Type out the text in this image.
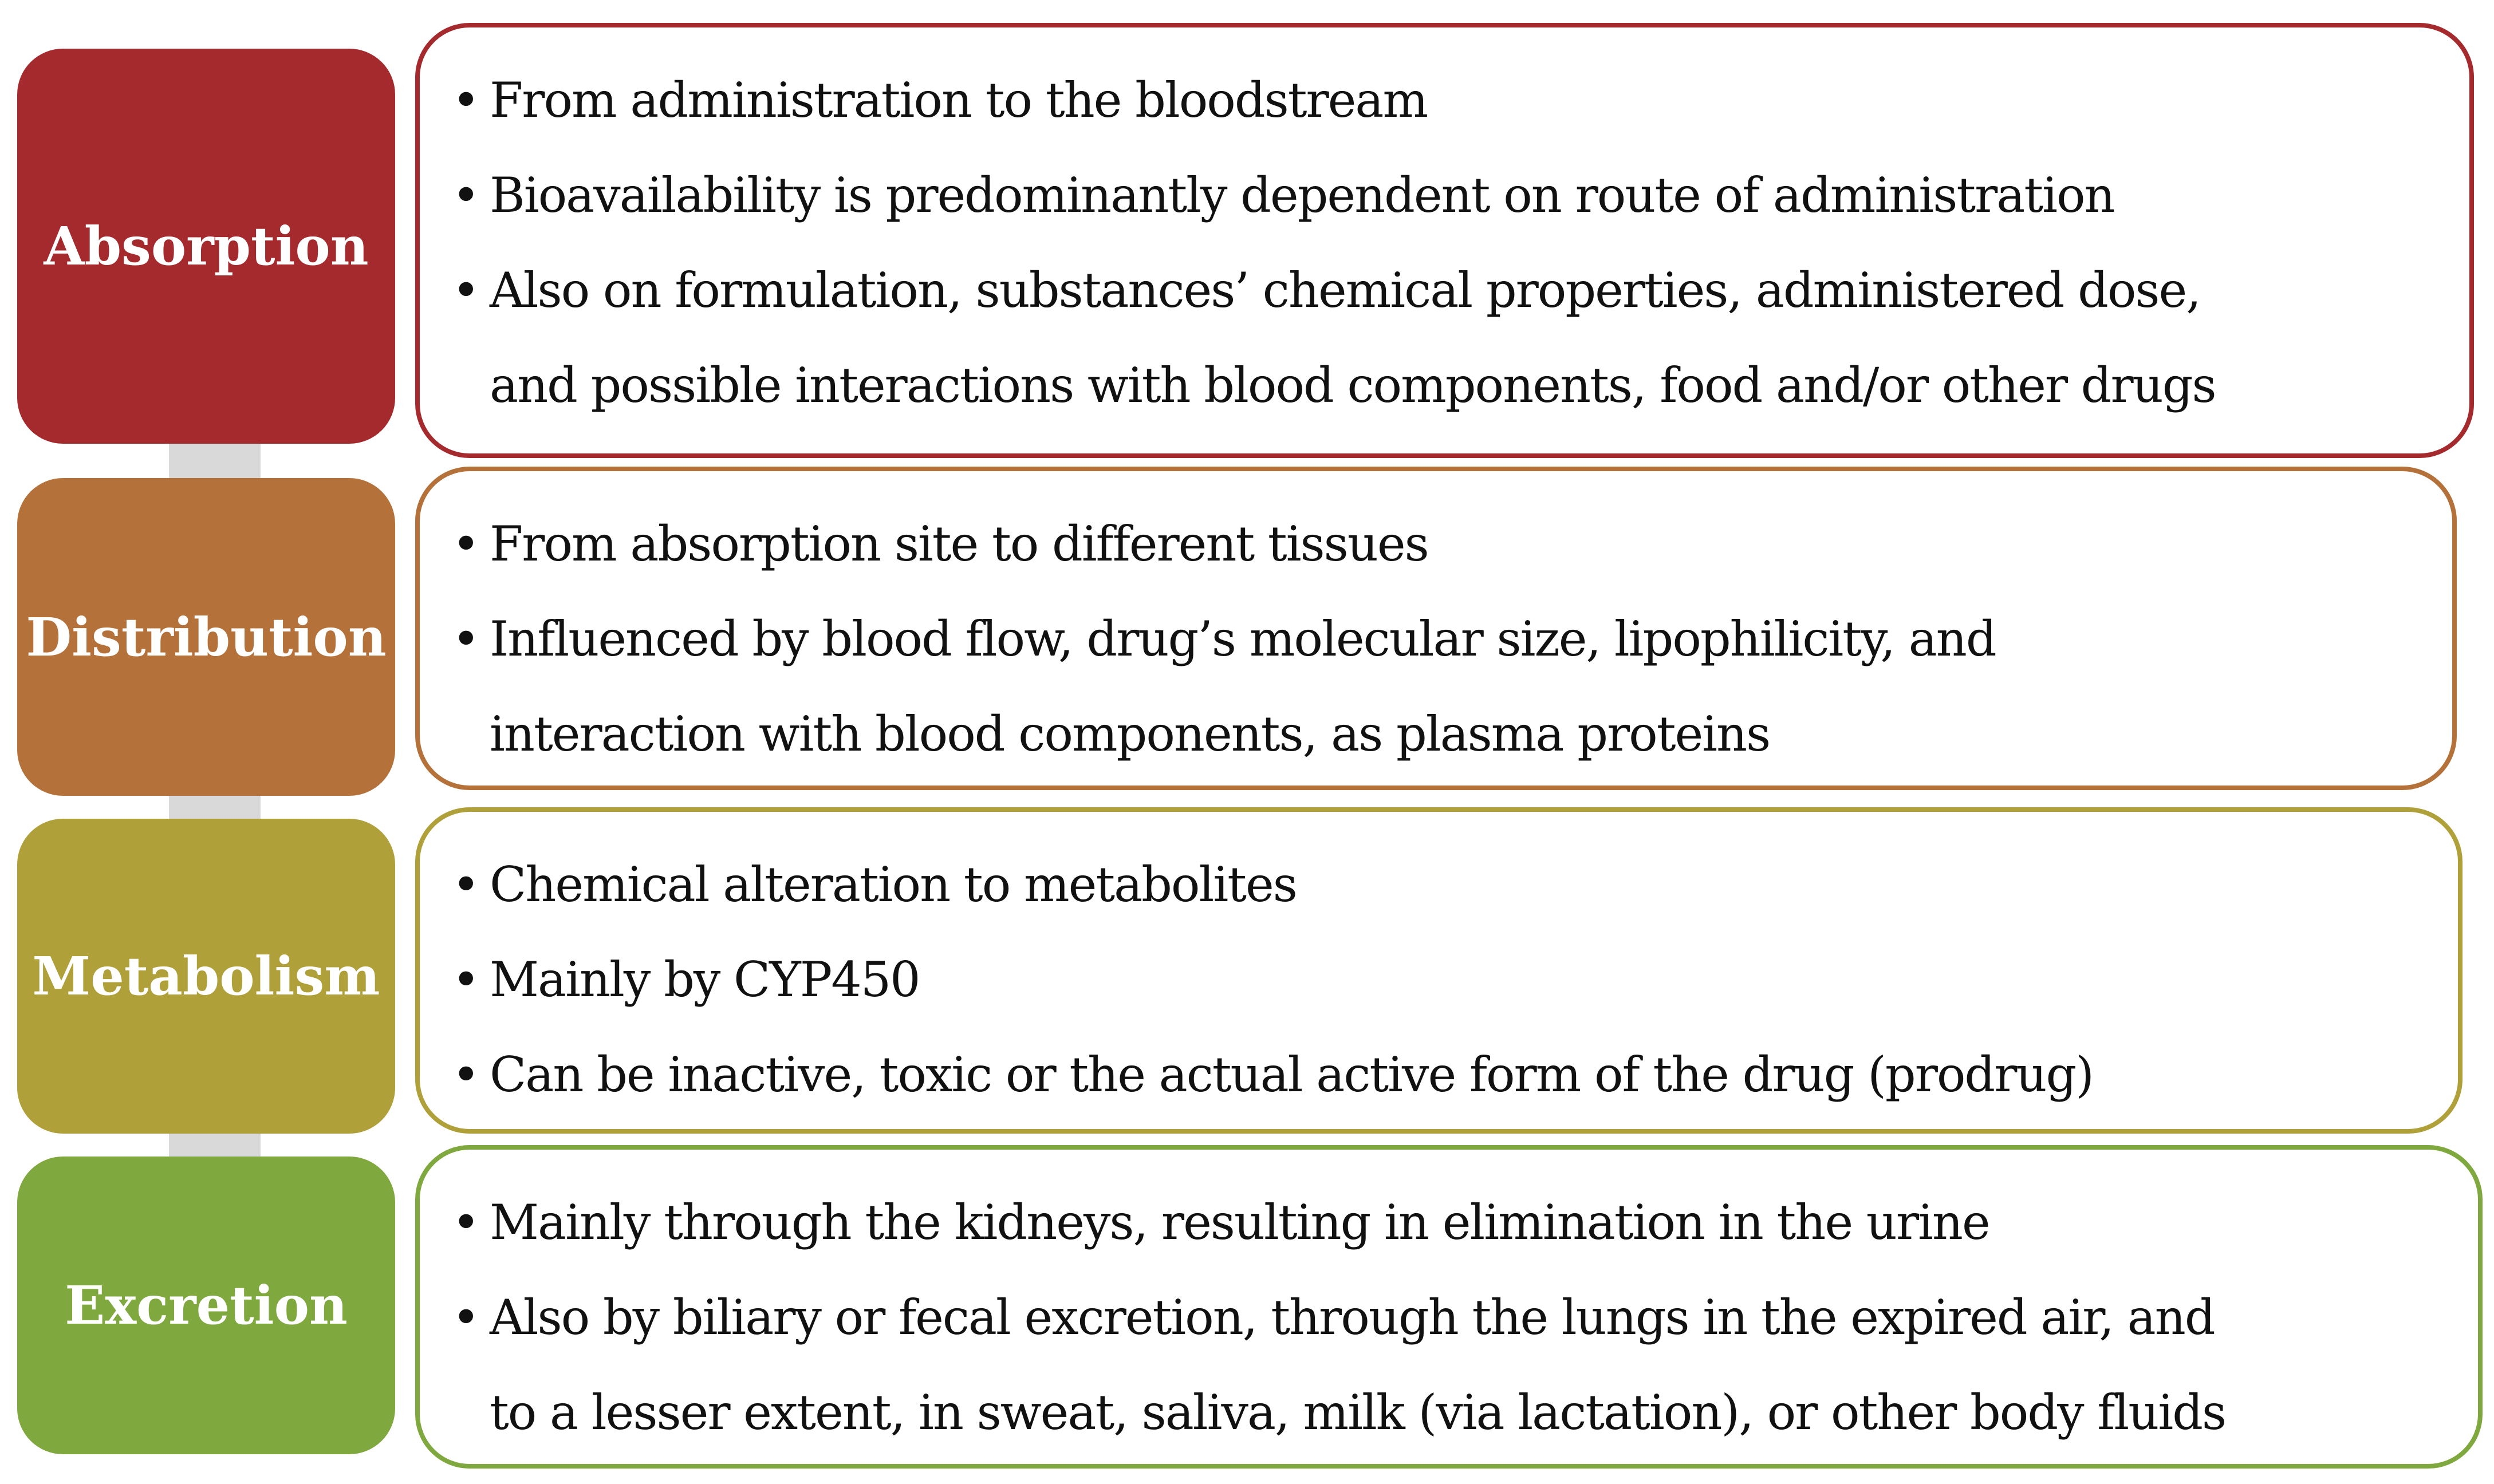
Absorption
• From administration to the bloodstream
• Bioavailability is predominantly dependent on route of administration
• Also on formulation, substances’ chemical properties, administered dose,
and possible interactions with blood components, food and/or other drugs
Distribution
• From absorption site to different tissues
• Influenced by blood flow, drug’s molecular size, lipophilicity, and
interaction with blood components, as plasma proteins
Metabolism
• Chemical alteration to metabolites
• Mainly by CYP450
• Can be inactive, toxic or the actual active form of the drug (prodrug)
Excretion
• Mainly through the kidneys, resulting in elimination in the urine
• Also by biliary or fecal excretion, through the lungs in the expired air, and
to a lesser extent, in sweat, saliva, milk (via lactation), or other body fluids
